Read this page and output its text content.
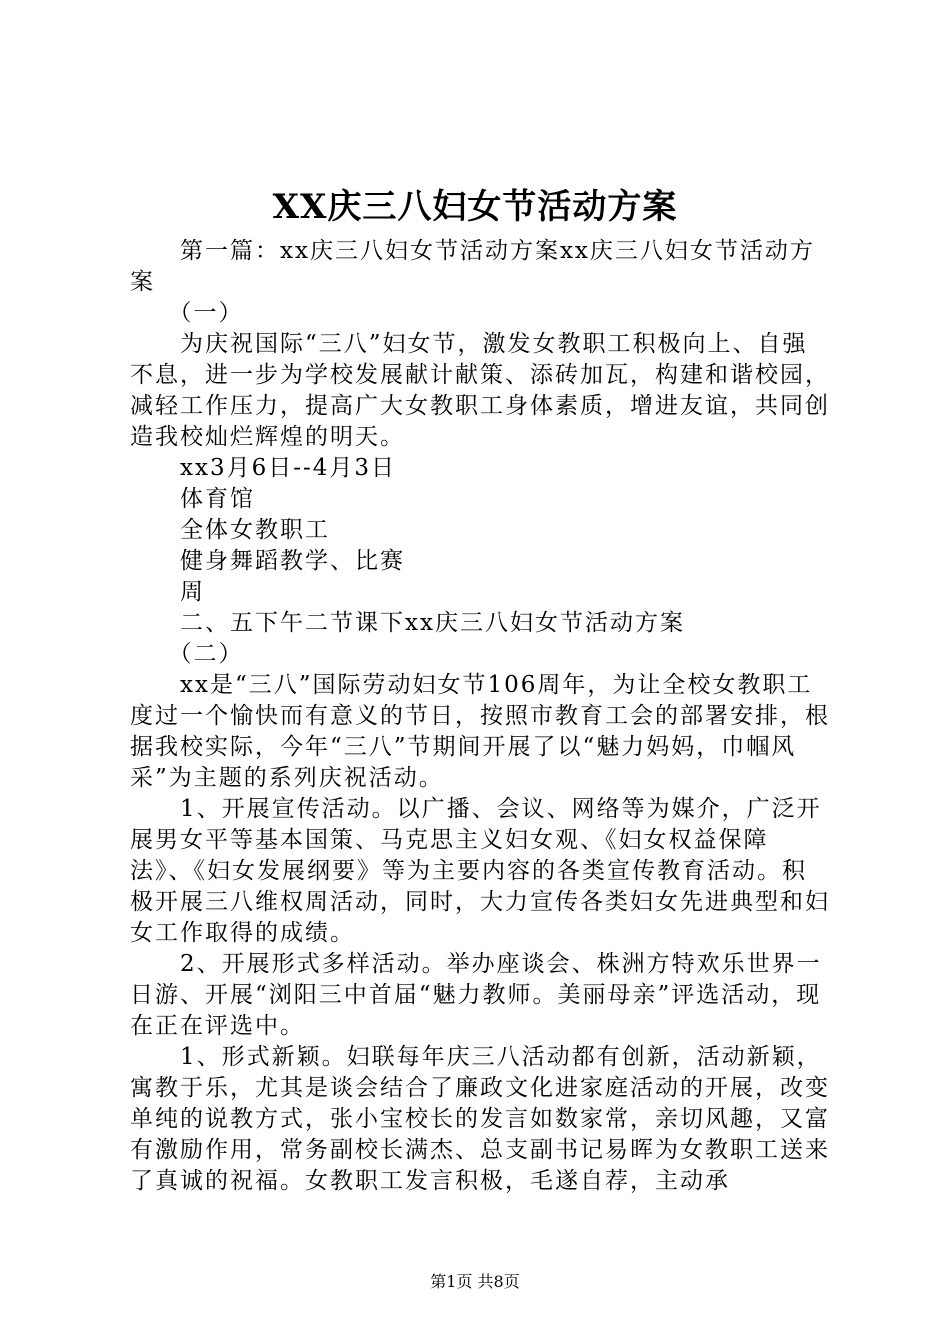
XX庆三八妇女节活动方案

　　第一篇：xx庆三八妇女节活动方案xx庆三八妇女节活动方案

　　（一）

　　为庆祝国际“三八”妇女节，激发女教职工积极向上、自强不息，进一步为学校发展献计献策、添砖加瓦，构建和谐校园，减轻工作压力，提高广大女教职工身体素质，增进友谊，共同创造我校灿烂辉煌的明天。

　　xx3月6日--4月3日

　　体育馆

　　全体女教职工

　　健身舞蹈教学、比赛

　　周

　　二、五下午二节课下xx庆三八妇女节活动方案

　　（二）

　　xx是“三八”国际劳动妇女节106周年，为让全校女教职工度过一个愉快而有意义的节日，按照市教育工会的部署安排，根据我校实际，今年“三八”节期间开展了以“魅力妈妈，巾帼风采”为主题的系列庆祝活动。

　　1、开展宣传活动。以广播、会议、网络等为媒介，广泛开展男女平等基本国策、马克思主义妇女观、《妇女权益保障法》、《妇女发展纲要》等为主要内容的各类宣传教育活动。积极开展三八维权周活动，同时，大力宣传各类妇女先进典型和妇女工作取得的成绩。

　　2、开展形式多样活动。举办座谈会、株洲方特欢乐世界一日游、开展“浏阳三中首届“魅力教师。美丽母亲”评选活动，现在正在评选中。

　　1、形式新颖。妇联每年庆三八活动都有创新，活动新颖，寓教于乐，尤其是谈会结合了廉政文化进家庭活动的开展，改变单纯的说教方式，张小宝校长的发言如数家常，亲切风趣，又富有激励作用，常务副校长满杰、总支副书记易晖为女教职工送来了真诚的祝福。女教职工发言积极，毛遂自荐，主动承

第1页 共8页
